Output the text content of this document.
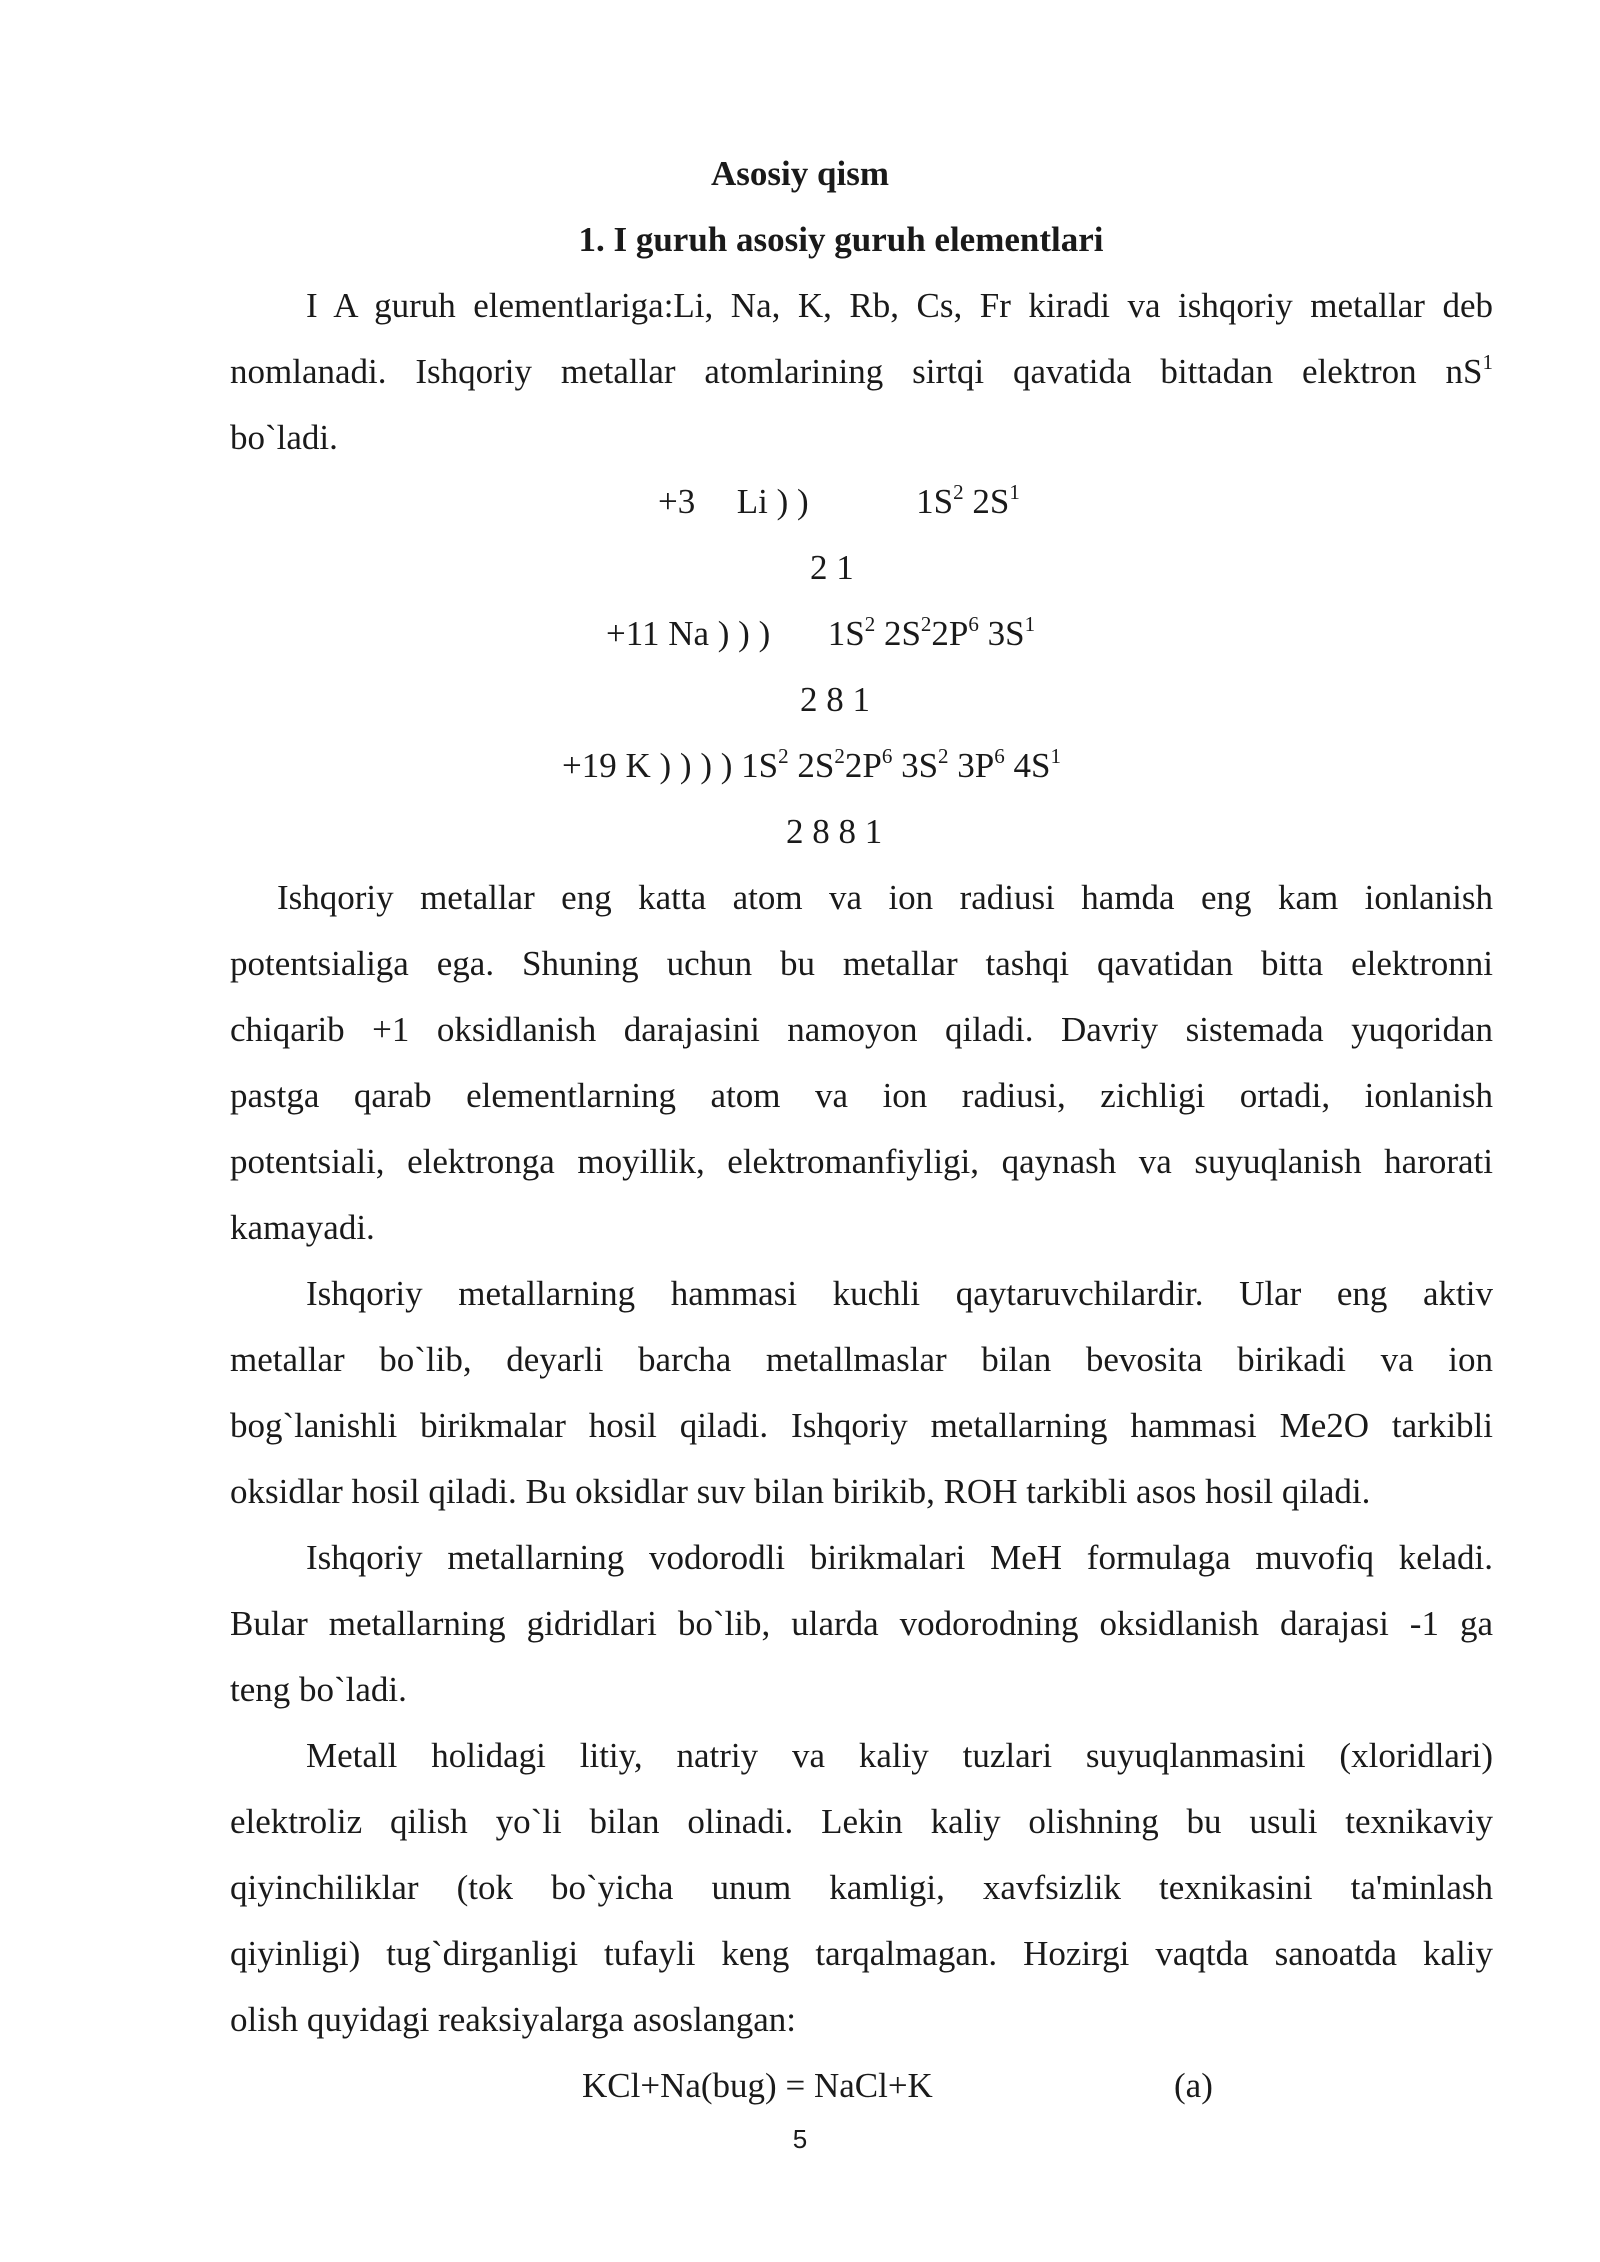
Asosiy qism
1. I guruh asosiy guruh elementlari
I A guruh elementlariga:Li, Na, K, Rb, Cs, Fr kiradi va ishqoriy metallar deb
nomlanadi. Ishqoriy metallar atomlarining sirtqi qavatida bittadan elektron $nS^1$
bo`ladi.
+3 Li ) )	$1S^2$ $2S^1$
2 1
+11 Na ) ) ) $1S^2$ $2S^22P^6$ $3S^1$
2 8 1
+19 K ) ) ) ) $1S^2$ $2S^22P^6$ $3S^2$ $3P^6$ $4S^1$
2 8 8 1
Ishqoriy metallar eng katta atom va ion radiusi hamda eng kam ionlanish
potentsialiga ega. Shuning uchun bu metallar tashqi qavatidan bitta elektronni
chiqarib +1 oksidlanish darajasini namoyon qiladi. Davriy sistemada yuqoridan
pastga qarab elementlarning atom va ion radiusi, zichligi ortadi, ionlanish
potentsiali, elektronga moyillik, elektromanfiyligi, qaynash va suyuqlanish harorati
kamayadi.
Ishqoriy metallarning hammasi kuchli qaytaruvchilardir. Ular eng aktiv
metallar bo`lib, deyarli barcha metallmaslar bilan bevosita birikadi va ion
bog`lanishli birikmalar hosil qiladi. Ishqoriy metallarning hammasi Me2O tarkibli
oksidlar hosil qiladi. Bu oksidlar suv bilan birikib, ROH tarkibli asos hosil qiladi.
Ishqoriy metallarning vodorodli birikmalari MeH formulaga muvofiq keladi.
Bular metallarning gidridlari bo`lib, ularda vodorodning oksidlanish darajasi -1 ga
teng bo`ladi.
Metall holidagi litiy, natriy va kaliy tuzlari suyuqlanmasini (xloridlari)
elektroliz qilish yo`li bilan olinadi. Lekin kaliy olishning bu usuli texnikaviy
qiyinchiliklar (tok bo`yicha unum kamligi, xavfsizlik texnikasini ta'minlash
qiyinligi) tug`dirganligi tufayli keng tarqalmagan. Hozirgi vaqtda sanoatda kaliy
olish quyidagi reaksiyalarga asoslangan:
KCl+Na(bug) = NaCl+K	(a)
5
